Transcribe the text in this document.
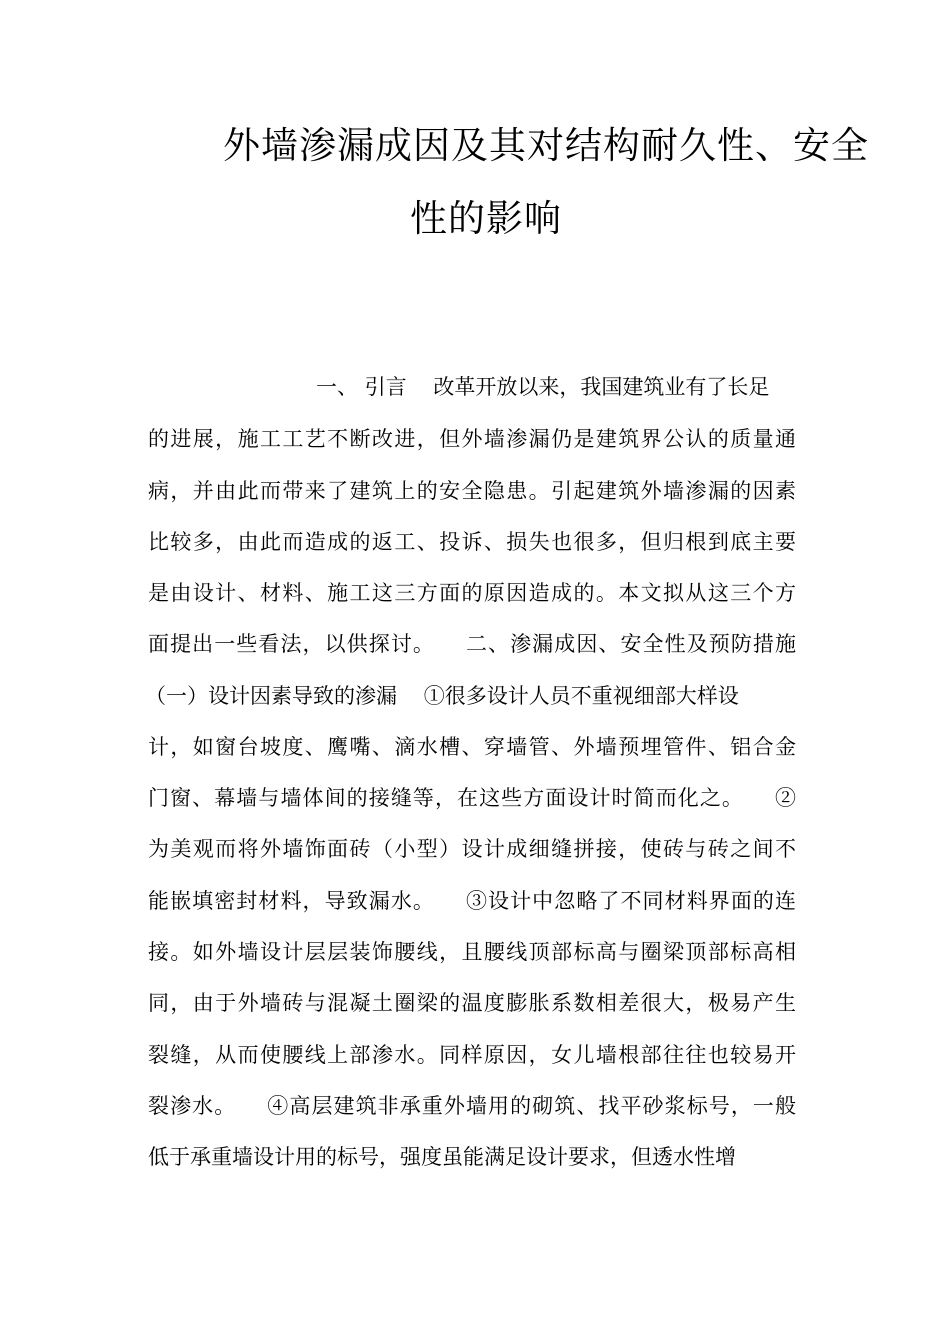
外墙渗漏成因及其对结构耐久性、安全
性的影响
一、 引言    改革开放以来，我国建筑业有了长足
的进展，施工工艺不断改进，但外墙渗漏仍是建筑界公认的质量通
病，并由此而带来了建筑上的安全隐患。引起建筑外墙渗漏的因素
比较多，由此而造成的返工、投诉、损失也很多，但归根到底主要
是由设计、材料、施工这三方面的原因造成的。本文拟从这三个方
面提出一些看法，以供探讨。    二、渗漏成因、安全性及预防措施
（一）设计因素导致的渗漏    ①很多设计人员不重视细部大样设
计，如窗台坡度、鹰嘴、滴水槽、穿墙管、外墙预埋管件、铝合金
门窗、幕墙与墙体间的接缝等，在这些方面设计时简而化之。    ②
为美观而将外墙饰面砖（小型）设计成细缝拼接，使砖与砖之间不
能嵌填密封材料，导致漏水。    ③设计中忽略了不同材料界面的连
接。如外墙设计层层装饰腰线，且腰线顶部标高与圈梁顶部标高相
同，由于外墙砖与混凝土圈梁的温度膨胀系数相差很大，极易产生
裂缝，从而使腰线上部渗水。同样原因，女儿墙根部往往也较易开
裂渗水。    ④高层建筑非承重外墙用的砌筑、找平砂浆标号，一般
低于承重墙设计用的标号，强度虽能满足设计要求，但透水性增
